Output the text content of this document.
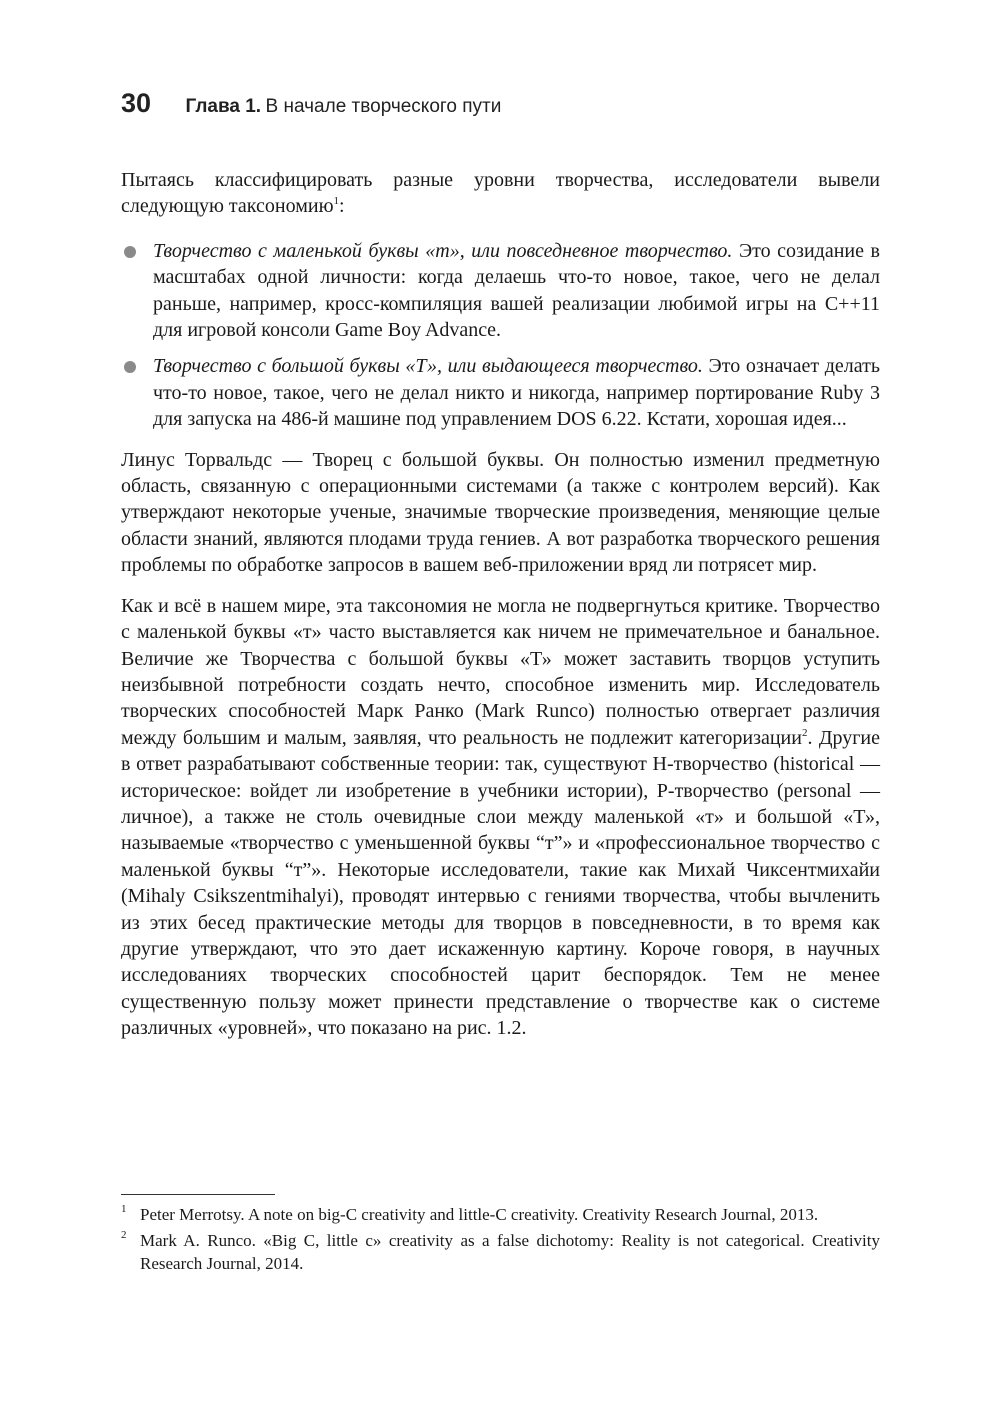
30 Глава 1. В начале творческого пути

Пытаясь классифицировать разные уровни творчества, исследователи вывели следующую таксономию$^1$:

Творчество с маленькой буквы «т», или повседневное творчество. Это созидание в масштабах одной личности: когда делаешь что-то новое, такое, чего не делал раньше, например, кросс-компиляция вашей реализации любимой игры на C++11 для игровой консоли Game Boy Advance.
Творчество с большой буквы «Т», или выдающееся творчество. Это означает делать что-то новое, такое, чего не делал никто и никогда, например портирование Ruby 3 для запуска на 486-й машине под управлением DOS 6.22. Кстати, хорошая идея...

Линус Торвальдс — Творец с большой буквы. Он полностью изменил предметную область, связанную с операционными системами (а также с контролем версий). Как утверждают некоторые ученые, значимые творческие произведения, меняющие целые области знаний, являются плодами труда гениев. А вот разработка творческого решения проблемы по обработке запросов в вашем веб-приложении вряд ли потрясет мир.

Как и всё в нашем мире, эта таксономия не могла не подвергнуться критике. Творчество с маленькой буквы «т» часто выставляется как ничем не примечательное и банальное. Величие же Творчества с большой буквы «Т» может заставить творцов уступить неизбывной потребности создать нечто, способное изменить мир. Исследователь творческих способностей Марк Ранко (Mark Runco) полностью отвергает различия между большим и малым, заявляя, что реальность не подлежит категоризации$^2$. Другие в ответ разрабатывают собственные теории: так, существуют H-творчество (historical — историческое: войдет ли изобретение в учебники истории), P-творчество (personal — личное), а также не столь очевидные слои между маленькой «т» и большой «Т», называемые «творчество с уменьшенной буквы “т”» и «профессиональное творчество с маленькой буквы “т”». Некоторые исследователи, такие как Михай Чиксентмихайи (Mihaly Csikszentmihalyi), проводят интервью с гениями творчества, чтобы вычленить из этих бесед практические методы для творцов в повседневности, в то время как другие утверждают, что это дает искаженную картину. Короче говоря, в научных исследованиях творческих способностей царит беспорядок. Тем не менее существенную пользу может принести представление о творчестве как о системе различных «уровней», что показано на рис. 1.2.

1 Peter Merrotsy. A note on big-C creativity and little-C creativity. Creativity Research Journal, 2013.
2 Mark A. Runco. «Big C, little c» creativity as a false dichotomy: Reality is not categorical. Creativity Research Journal, 2014.
